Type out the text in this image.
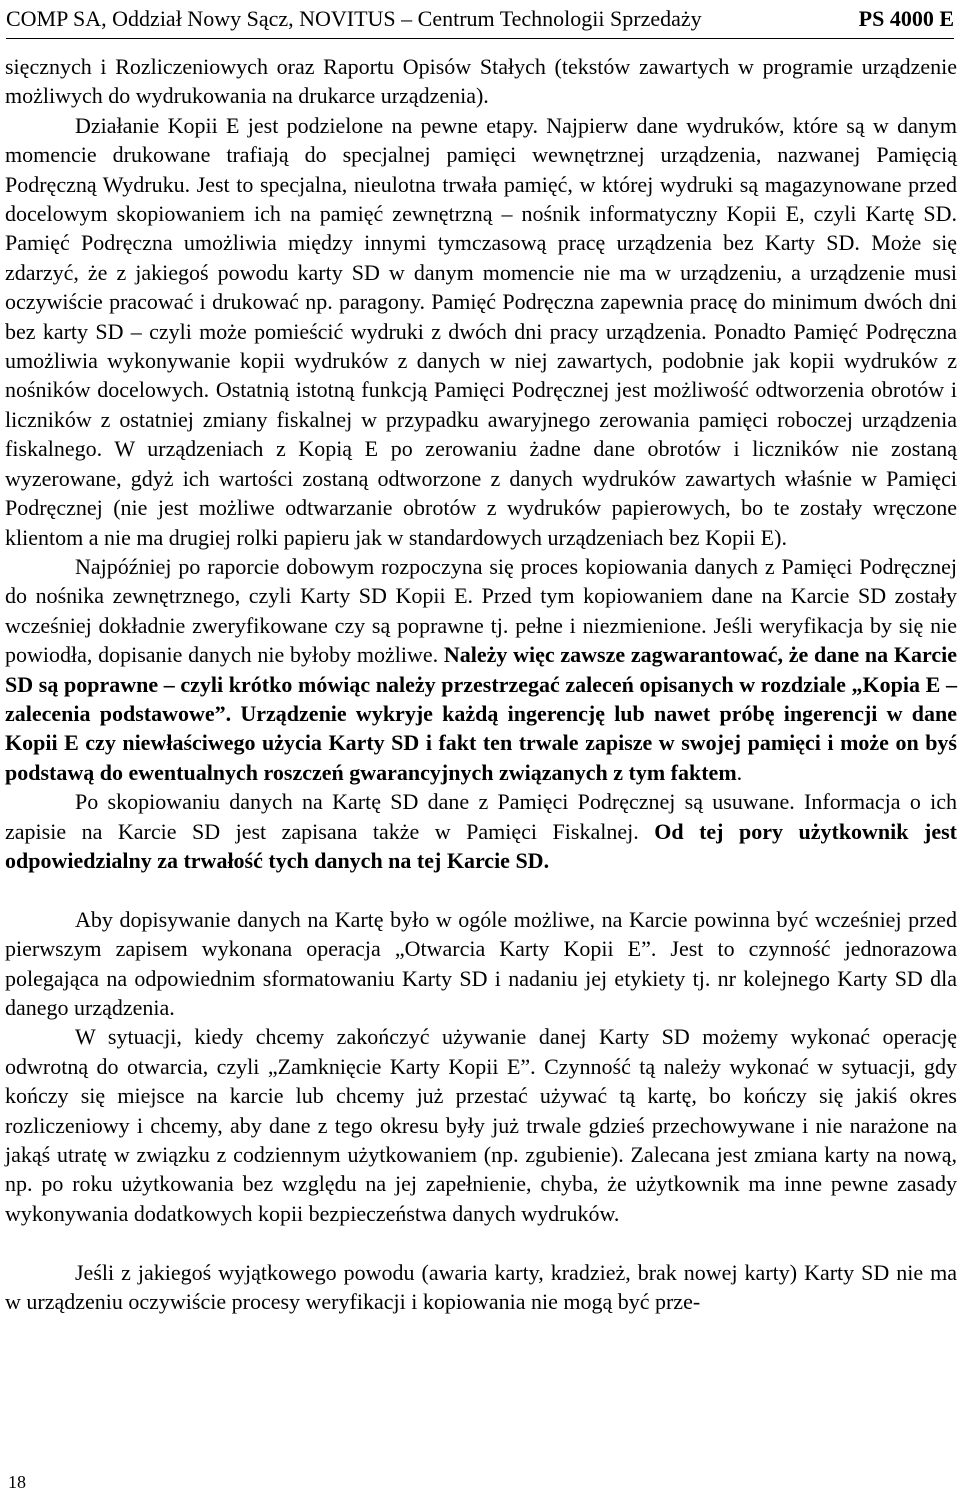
COMP SA, Oddział Nowy Sącz, NOVITUS – Centrum Technologii Sprzedaży	PS 4000 E

sięcznych i Rozliczeniowych oraz Raportu Opisów Stałych (tekstów zawartych w programie urządzenie możliwych do wydrukowania na drukarce urządzenia).

Działanie Kopii E jest podzielone na pewne etapy. Najpierw dane wydruków, które są w danym momencie drukowane trafiają do specjalnej pamięci wewnętrznej urządzenia, nazwanej Pamięcią Podręczną Wydruku. Jest to specjalna, nieulotna trwała pamięć, w której wydruki są magazynowane przed docelowym skopiowaniem ich na pamięć zewnętrzną – nośnik informatyczny Kopii E, czyli Kartę SD. Pamięć Podręczna umożliwia między innymi tymczasową pracę urządzenia bez Karty SD. Może się zdarzyć, że z jakiegoś powodu karty SD w danym momencie nie ma w urządzeniu, a urządzenie musi oczywiście pracować i drukować np. paragony. Pamięć Podręczna zapewnia pracę do minimum dwóch dni bez karty SD – czyli może pomieścić wydruki z dwóch dni pracy urządzenia. Ponadto Pamięć Podręczna umożliwia wykonywanie kopii wydruków z danych w niej zawartych, podobnie jak kopii wydruków z nośników docelowych. Ostatnią istotną funkcją Pamięci Podręcznej jest możliwość odtworzenia obrotów i liczników z ostatniej zmiany fiskalnej w przypadku awaryjnego zerowania pamięci roboczej urządzenia fiskalnego. W urządzeniach z Kopią E po zerowaniu żadne dane obrotów i liczników nie zostaną wyzerowane, gdyż ich wartości zostaną odtworzone z danych wydruków zawartych właśnie w Pamięci Podręcznej (nie jest możliwe odtwarzanie obrotów z wydruków papierowych, bo te zostały wręczone klientom a nie ma drugiej rolki papieru jak w standardowych urządzeniach bez Kopii E).

Najpóźniej po raporcie dobowym rozpoczyna się proces kopiowania danych z Pamięci Podręcznej do nośnika zewnętrznego, czyli Karty SD Kopii E. Przed tym kopiowaniem dane na Karcie SD zostały wcześniej dokładnie zweryfikowane czy są poprawne tj. pełne i niezmienione. Jeśli weryfikacja by się nie powiodła, dopisanie danych nie byłoby możliwe. Należy więc zawsze zagwarantować, że dane na Karcie SD są poprawne – czyli krótko mówiąc należy przestrzegać zaleceń opisanych w rozdziale „Kopia E – zalecenia podstawowe”. Urządzenie wykryje każdą ingerencję lub nawet próbę ingerencji w dane Kopii E czy niewłaściwego użycia Karty SD i fakt ten trwale zapisze w swojej pamięci i może on byś podstawą do ewentualnych roszczeń gwarancyjnych związanych z tym faktem.

Po skopiowaniu danych na Kartę SD dane z Pamięci Podręcznej są usuwane. Informacja o ich zapisie na Karcie SD jest zapisana także w Pamięci Fiskalnej. Od tej pory użytkownik jest odpowiedzialny za trwałość tych danych na tej Karcie SD.

Aby dopisywanie danych na Kartę było w ogóle możliwe, na Karcie powinna być wcześniej przed pierwszym zapisem wykonana operacja „Otwarcia Karty Kopii E”. Jest to czynność jednorazowa polegająca na odpowiednim sformatowaniu Karty SD i nadaniu jej etykiety tj. nr kolejnego Karty SD dla danego urządzenia.

W sytuacji, kiedy chcemy zakończyć używanie danej Karty SD możemy wykonać operację odwrotną do otwarcia, czyli „Zamknięcie Karty Kopii E”. Czynność tą należy wykonać w sytuacji, gdy kończy się miejsce na karcie lub chcemy już przestać używać tą kartę, bo kończy się jakiś okres rozliczeniowy i chcemy, aby dane z tego okresu były już trwale gdzieś przechowywane i nie narażone na jakąś utratę w związku z codziennym użytkowaniem (np. zgubienie). Zalecana jest zmiana karty na nową, np. po roku użytkowania bez względu na jej zapełnienie, chyba, że użytkownik ma inne pewne zasady wykonywania dodatkowych kopii bezpieczeństwa danych wydruków.

Jeśli z jakiegoś wyjątkowego powodu (awaria karty, kradzież, brak nowej karty) Karty SD nie ma w urządzeniu oczywiście procesy weryfikacji i kopiowania nie mogą być prze-

18
